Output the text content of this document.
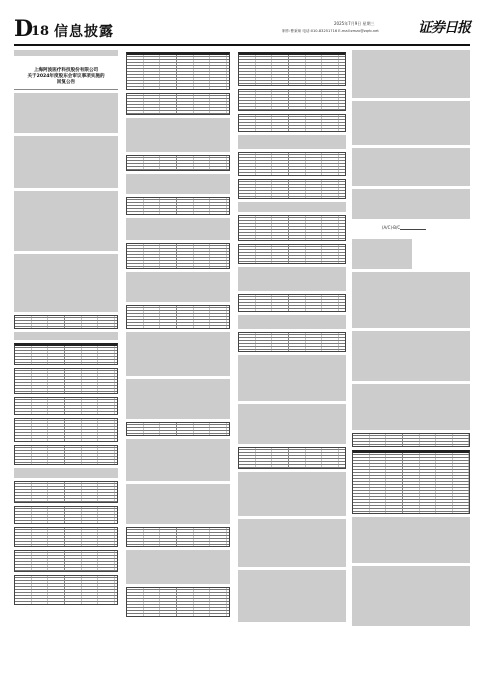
D
18 信息披露
2025年7月9日 星期三
制作:曹秉琛 电话:010-83251716 E-mail:zmzx@zqrb.net	证券日报
上海阿波医疗科技股份有限公司
关于2024年度股东会审议事项实施的
回复公告
(A/C)-B/C
